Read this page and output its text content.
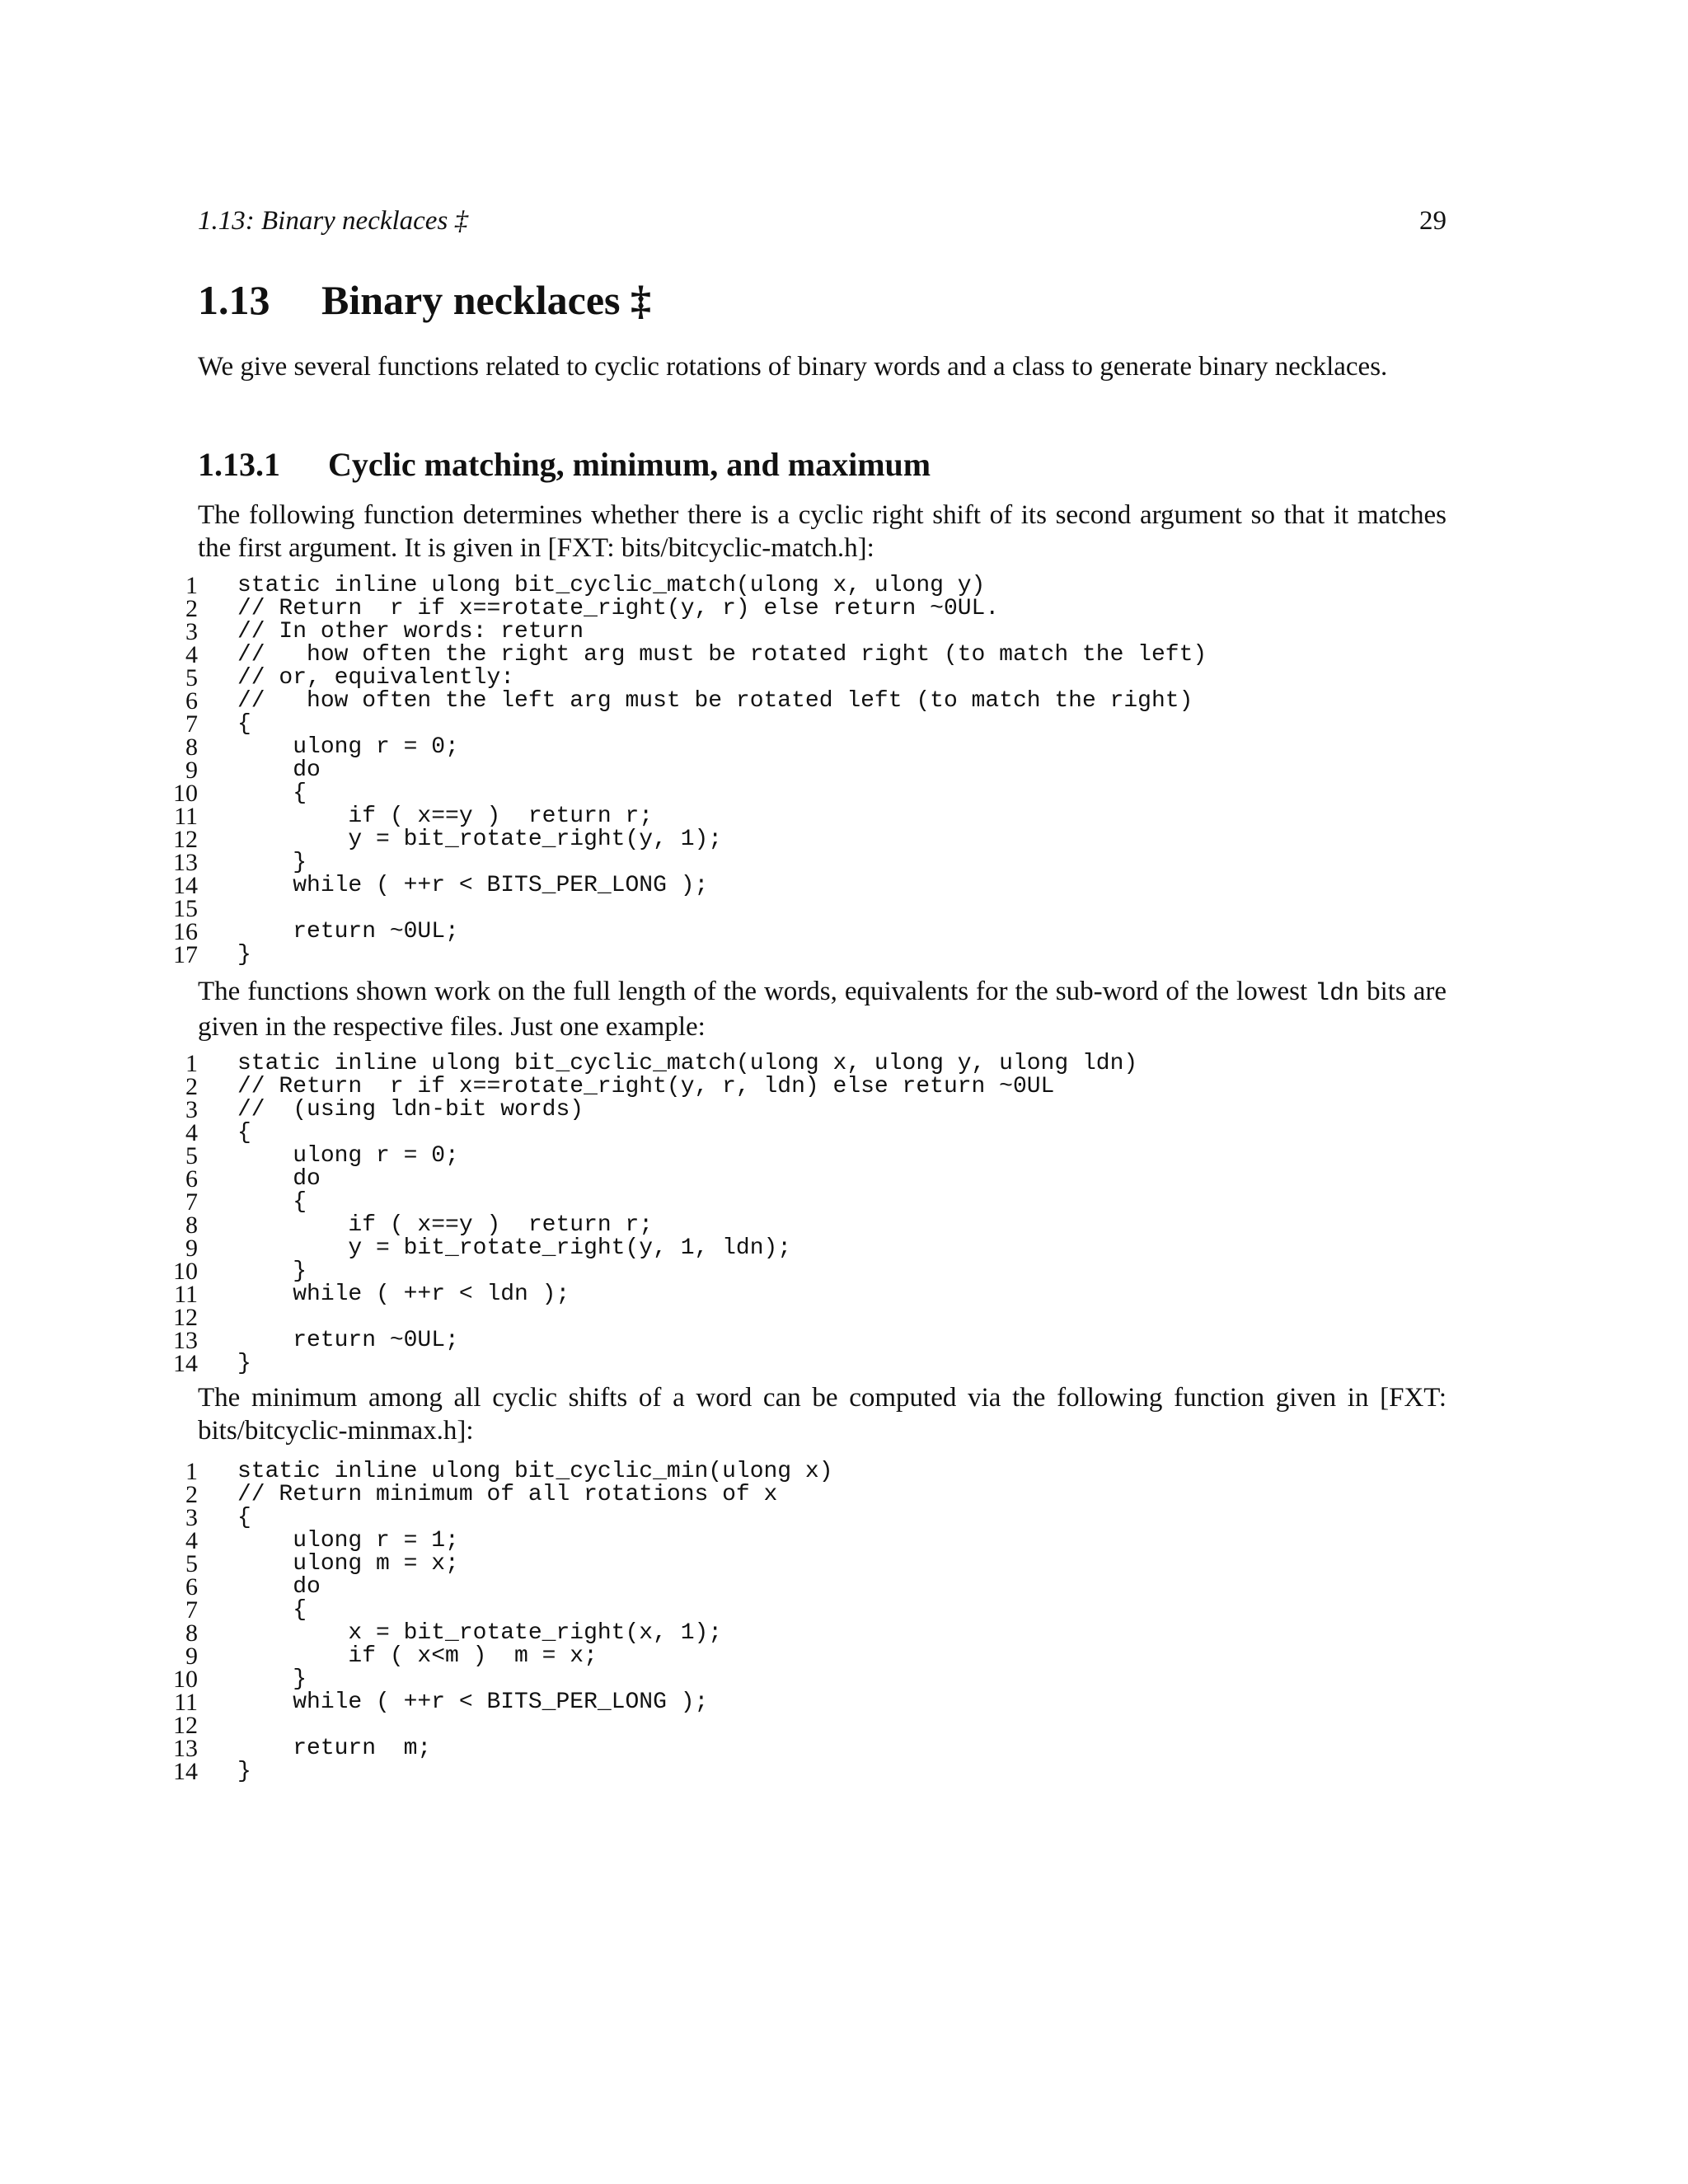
1.13: Binary necklaces ‡	29
1.13 Binary necklaces ‡
We give several functions related to cyclic rotations of binary words and a class to generate binary necklaces.
1.13.1 Cyclic matching, minimum, and maximum
The following function determines whether there is a cyclic right shift of its second argument so that it matches the first argument. It is given in [FXT: bits/bitcyclic-match.h]:
1 static inline ulong bit_cyclic_match(ulong x, ulong y)
2 // Return  r if x==rotate_right(y, r) else return ~0UL.
3 // In other words: return
4 //   how often the right arg must be rotated right (to match the left)
5 // or, equivalently:
6 //   how often the left arg must be rotated left (to match the right)
7 {
8 ulong r = 0;
9 do
10 {
11 if ( x==y )  return r;
12 y = bit_rotate_right(y, 1);
13 }
14 while ( ++r < BITS_PER_LONG );
15
16 return ~0UL;
17 }
The functions shown work on the full length of the words, equivalents for the sub-word of the lowest ldn bits are given in the respective files. Just one example:
1 static inline ulong bit_cyclic_match(ulong x, ulong y, ulong ldn)
2 // Return  r if x==rotate_right(y, r, ldn) else return ~0UL
3 //  (using ldn-bit words)
4 {
5 ulong r = 0;
6 do
7 {
8 if ( x==y )  return r;
9 y = bit_rotate_right(y, 1, ldn);
10 }
11 while ( ++r < ldn );
12
13 return ~0UL;
14 }
The minimum among all cyclic shifts of a word can be computed via the following function given in [FXT: bits/bitcyclic-minmax.h]:
1 static inline ulong bit_cyclic_min(ulong x)
2 // Return minimum of all rotations of x
3 {
4 ulong r = 1;
5 ulong m = x;
6 do
7 {
8 x = bit_rotate_right(x, 1);
9 if ( x<m )  m = x;
10 }
11 while ( ++r < BITS_PER_LONG );
12
13 return  m;
14 }
